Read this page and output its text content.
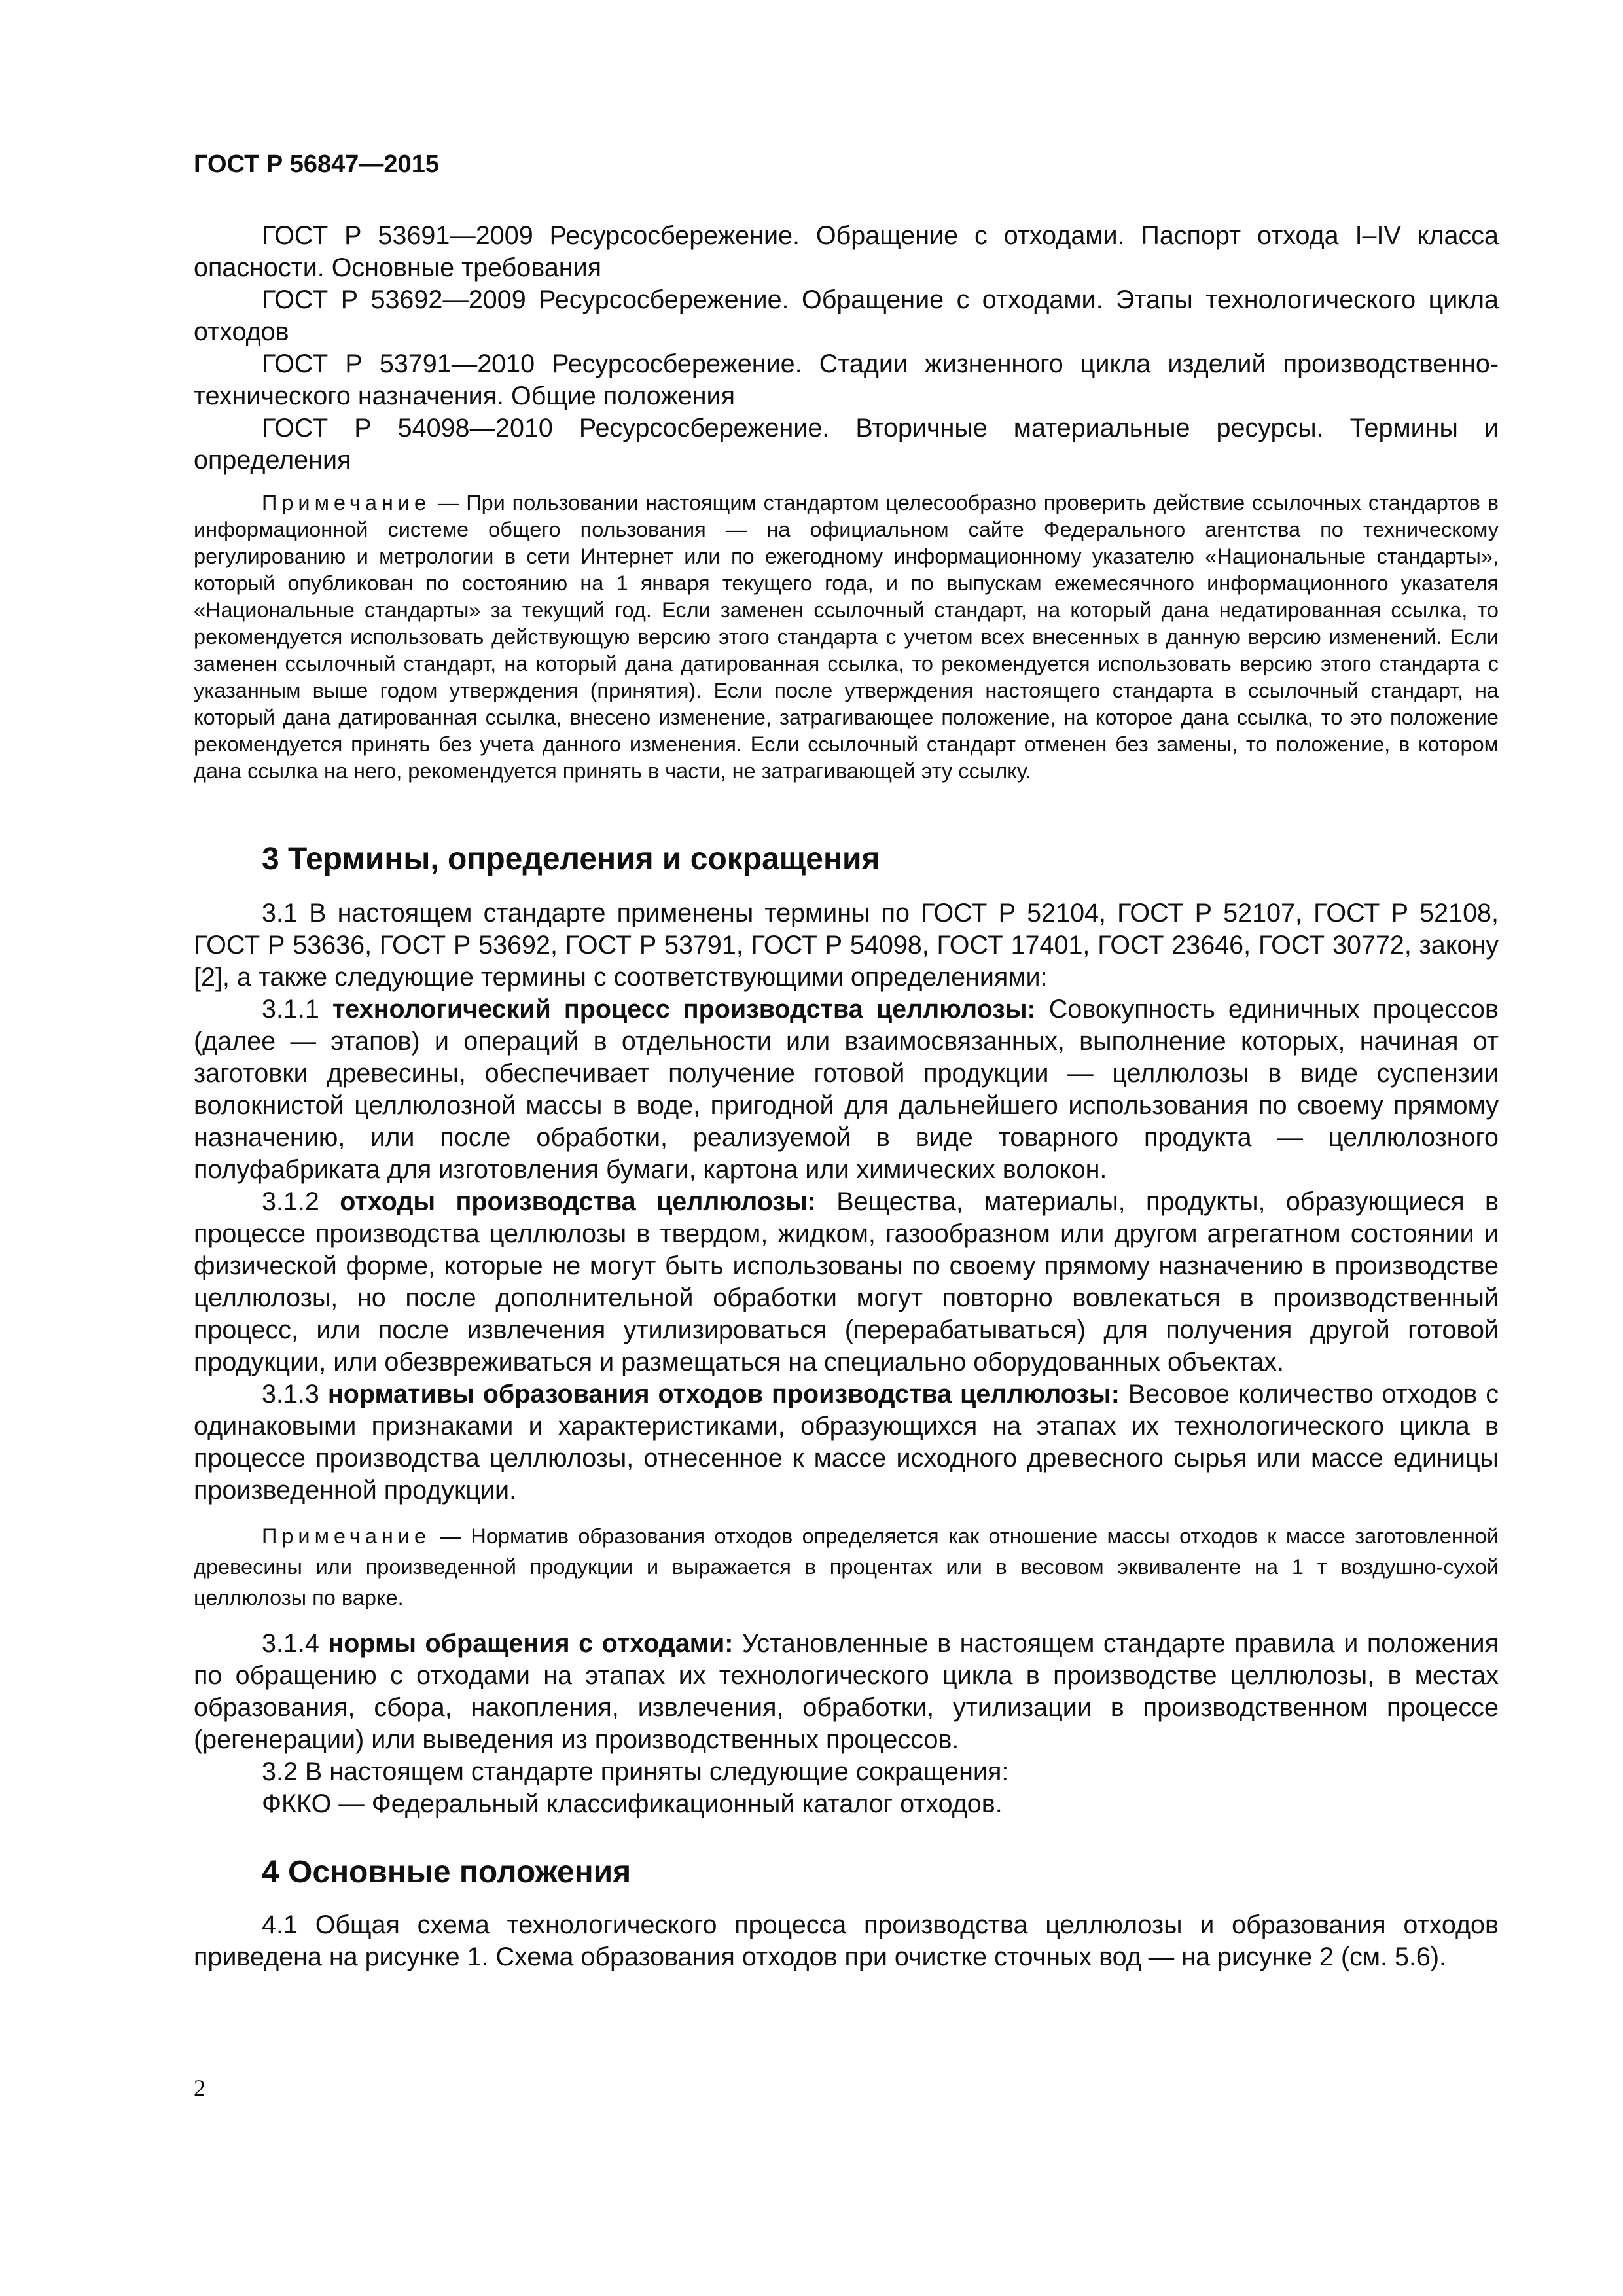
ГОСТ Р 56847—2015

ГОСТ Р 53691—2009 Ресурсосбережение. Обращение с отходами. Паспорт отхода I–IV класса опасности. Основные требования

ГОСТ Р 53692—2009 Ресурсосбережение. Обращение с отходами. Этапы технологического цикла отходов

ГОСТ Р 53791—2010 Ресурсосбережение. Стадии жизненного цикла изделий производственно-технического назначения. Общие положения

ГОСТ Р 54098—2010 Ресурсосбережение. Вторичные материальные ресурсы. Термины и определения

Примечание — При пользовании настоящим стандартом целесообразно проверить действие ссылочных стандартов в информационной системе общего пользования — на официальном сайте Федерального агентства по техническому регулированию и метрологии в сети Интернет или по ежегодному информационному указателю «Национальные стандарты», который опубликован по состоянию на 1 января текущего года, и по выпускам ежемесячного информационного указателя «Национальные стандарты» за текущий год. Если заменен ссылочный стандарт, на который дана недатированная ссылка, то рекомендуется использовать действующую версию этого стандарта с учетом всех внесенных в данную версию изменений. Если заменен ссылочный стандарт, на который дана датированная ссылка, то рекомендуется использовать версию этого стандарта с указанным выше годом утверждения (принятия). Если после утверждения настоящего стандарта в ссылочный стандарт, на который дана датированная ссылка, внесено изменение, затрагивающее положение, на которое дана ссылка, то это положение рекомендуется принять без учета данного изменения. Если ссылочный стандарт отменен без замены, то положение, в котором дана ссылка на него, рекомендуется принять в части, не затрагивающей эту ссылку.

3 Термины, определения и сокращения

3.1 В настоящем стандарте применены термины по ГОСТ Р 52104, ГОСТ Р 52107, ГОСТ Р 52108, ГОСТ Р 53636, ГОСТ Р 53692, ГОСТ Р 53791, ГОСТ Р 54098, ГОСТ 17401, ГОСТ 23646, ГОСТ 30772, закону [2], а также следующие термины с соответствующими определениями:

3.1.1 технологический процесс производства целлюлозы: Совокупность единичных процессов (далее — этапов) и операций в отдельности или взаимосвязанных, выполнение которых, начиная от заготовки древесины, обеспечивает получение готовой продукции — целлюлозы в виде суспензии волокнистой целлюлозной массы в воде, пригодной для дальнейшего использования по своему прямому назначению, или после обработки, реализуемой в виде товарного продукта — целлюлозного полуфабриката для изготовления бумаги, картона или химических волокон.

3.1.2 отходы производства целлюлозы: Вещества, материалы, продукты, образующиеся в процессе производства целлюлозы в твердом, жидком, газообразном или другом агрегатном состоянии и физической форме, которые не могут быть использованы по своему прямому назначению в производстве целлюлозы, но после дополнительной обработки могут повторно вовлекаться в производственный процесс, или после извлечения утилизироваться (перерабатываться) для получения другой готовой продукции, или обезвреживаться и размещаться на специально оборудованных объектах.

3.1.3 нормативы образования отходов производства целлюлозы: Весовое количество отходов с одинаковыми признаками и характеристиками, образующихся на этапах их технологического цикла в процессе производства целлюлозы, отнесенное к массе исходного древесного сырья или массе единицы произведенной продукции.

Примечание — Норматив образования отходов определяется как отношение массы отходов к массе заготовленной древесины или произведенной продукции и выражается в процентах или в весовом эквиваленте на 1 т воздушно-сухой целлюлозы по варке.

3.1.4 нормы обращения с отходами: Установленные в настоящем стандарте правила и положения по обращению с отходами на этапах их технологического цикла в производстве целлюлозы, в местах образования, сбора, накопления, извлечения, обработки, утилизации в производственном процессе (регенерации) или выведения из производственных процессов.

3.2 В настоящем стандарте приняты следующие сокращения:

ФККО — Федеральный классификационный каталог отходов.

4 Основные положения

4.1 Общая схема технологического процесса производства целлюлозы и образования отходов приведена на рисунке 1. Схема образования отходов при очистке сточных вод — на рисунке 2 (см. 5.6).

2
